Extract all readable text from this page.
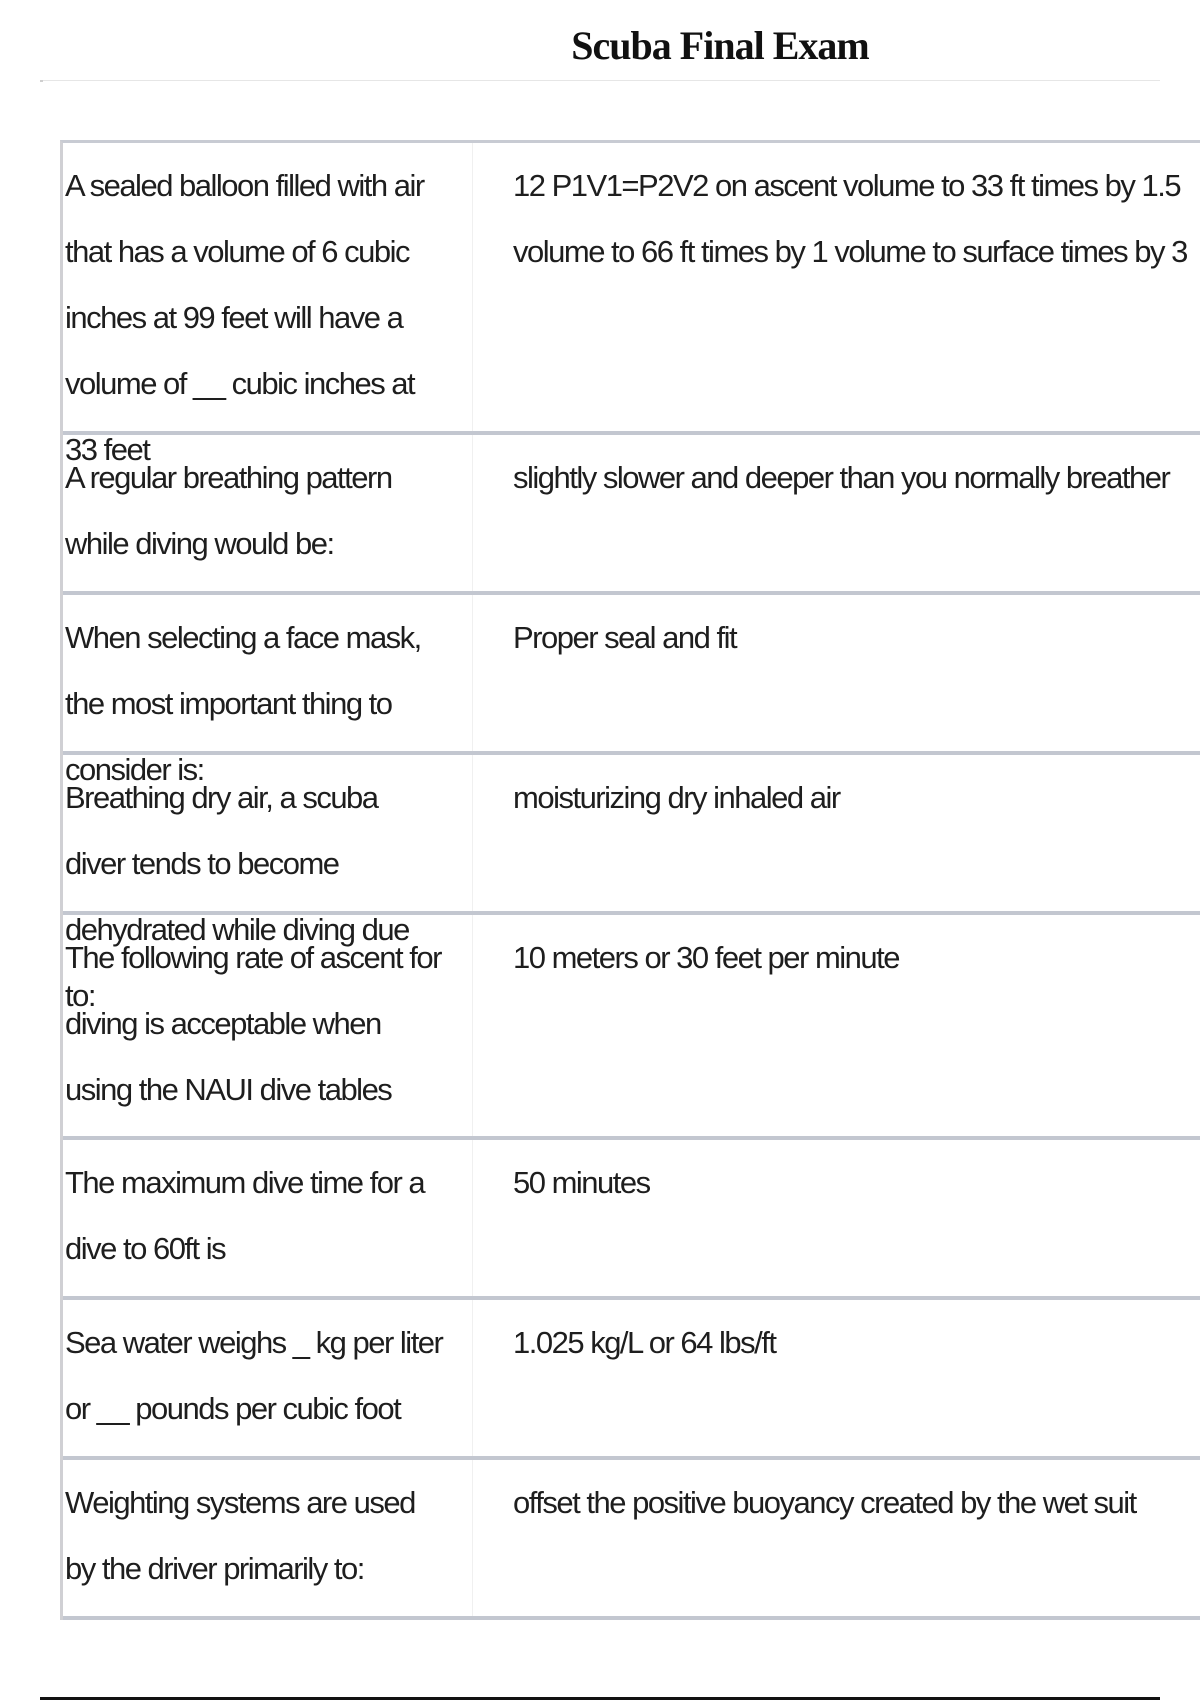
Scuba Final Exam
A sealed balloon filled with air that has a volume of 6 cubic inches at 99 feet will have a volume of __ cubic inches at 33 feet
12 P1V1=P2V2 on ascent volume to 33 ft times by 1.5 volume to 66 ft times by 1 volume to surface times by 3
A regular breathing pattern while diving would be:
slightly slower and deeper than you normally breather
When selecting a face mask, the most important thing to consider is:
Proper seal and fit
Breathing dry air, a scuba diver tends to become dehydrated while diving due to:
moisturizing dry inhaled air
The following rate of ascent for diving is acceptable when using the NAUI dive tables
10 meters or 30 feet per minute
The maximum dive time for a dive to 60ft is
50 minutes
Sea water weighs _ kg per liter or __ pounds per cubic foot
1.025 kg/L or 64 lbs/ft
Weighting systems are used by the driver primarily to:
offset the positive buoyancy created by the wet suit
